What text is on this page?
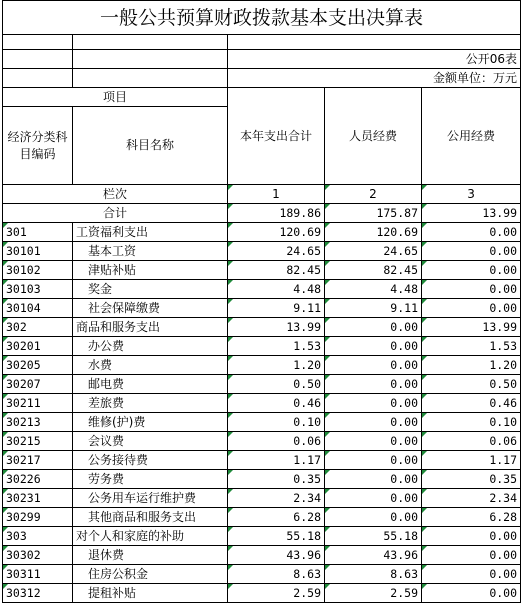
一般公共预算财政拨款基本支出决算表				

		公开06表		
		金额单位：万元		
项目		本年支出合计	人员经费	公用经费
经济分类科目编码	科目名称			
栏次		1	2	3
合计		189.86	175.87	13.99
301	工资福利支出	120.69	120.69	0.00
30101	基本工资	24.65	24.65	0.00
30102	津贴补贴	82.45	82.45	0.00
30103	奖金	4.48	4.48	0.00
30104	社会保障缴费	9.11	9.11	0.00
302	商品和服务支出	13.99	0.00	13.99
30201	办公费	1.53	0.00	1.53
30205	水费	1.20	0.00	1.20
30207	邮电费	0.50	0.00	0.50
30211	差旅费	0.46	0.00	0.46
30213	维修(护)费	0.10	0.00	0.10
30215	会议费	0.06	0.00	0.06
30217	公务接待费	1.17	0.00	1.17
30226	劳务费	0.35	0.00	0.35
30231	公务用车运行维护费	2.34	0.00	2.34
30299	其他商品和服务支出	6.28	0.00	6.28
303	对个人和家庭的补助	55.18	55.18	0.00
30302	退休费	43.96	43.96	0.00
30311	住房公积金	8.63	8.63	0.00
30312	提租补贴	2.59	2.59	0.00
